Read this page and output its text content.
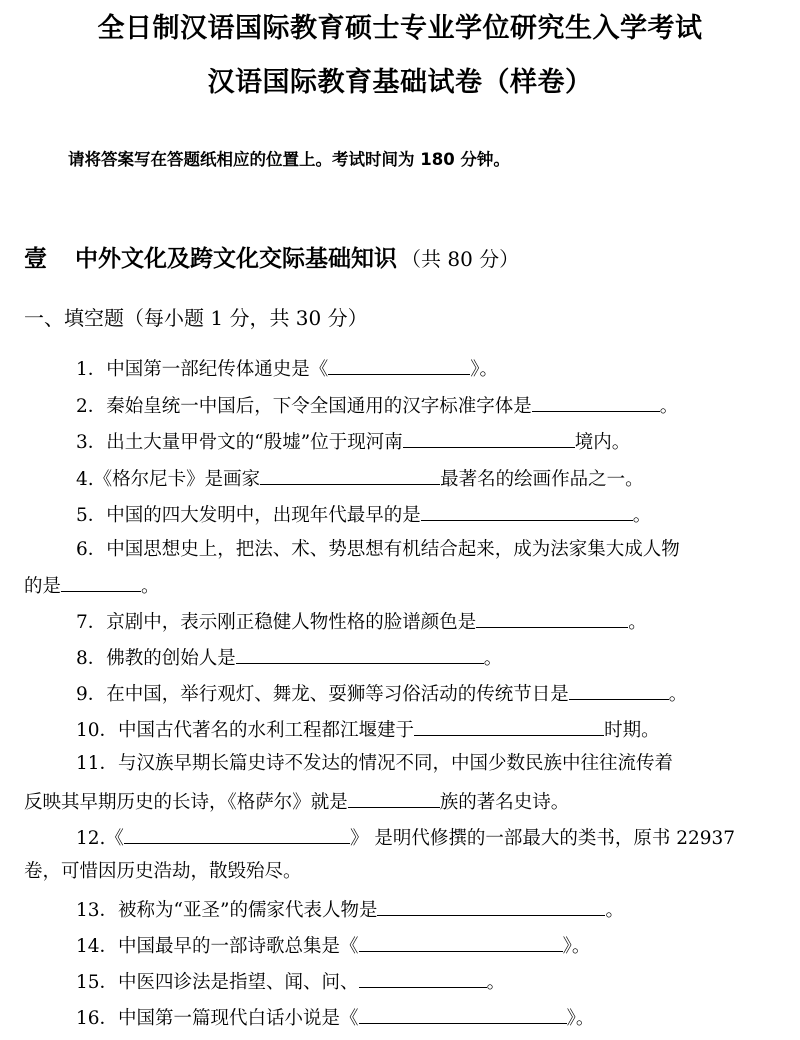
全日制汉语国际教育硕士专业学位研究生入学考试
汉语国际教育基础试卷（样卷）
请将答案写在答题纸相应的位置上。考试时间为 180 分钟。
壹 中外文化及跨文化交际基础知识 （共 80 分）
一、填空题（每小题 1 分，共 30 分）
1．中国第一部纪传体通史是《	》。
2．秦始皇统一中国后，下令全国通用的汉字标准字体是	。
3．出土大量甲骨文的“殷墟”位于现河南	境内。
4.《格尔尼卡》是画家	最著名的绘画作品之一。
5．中国的四大发明中，出现年代最早的是	。
6．中国思想史上，把法、术、势思想有机结合起来，成为法家集大成人物
的是	。
7．京剧中，表示刚正稳健人物性格的脸谱颜色是	。
8．佛教的创始人是	。
9．在中国，举行观灯、舞龙、耍狮等习俗活动的传统节日是	。
10．中国古代著名的水利工程都江堰建于	时期。
11．与汉族早期长篇史诗不发达的情况不同，中国少数民族中往往流传着
反映其早期历史的长诗，《格萨尔》就是	族的著名史诗。
12.《	》 是明代修撰的一部最大的类书，原书 22937
卷，可惜因历史浩劫，散毁殆尽。
13．被称为“亚圣”的儒家代表人物是	。
14．中国最早的一部诗歌总集是《	》。
15．中医四诊法是指望、闻、问、	。
16．中国第一篇现代白话小说是《	》。
